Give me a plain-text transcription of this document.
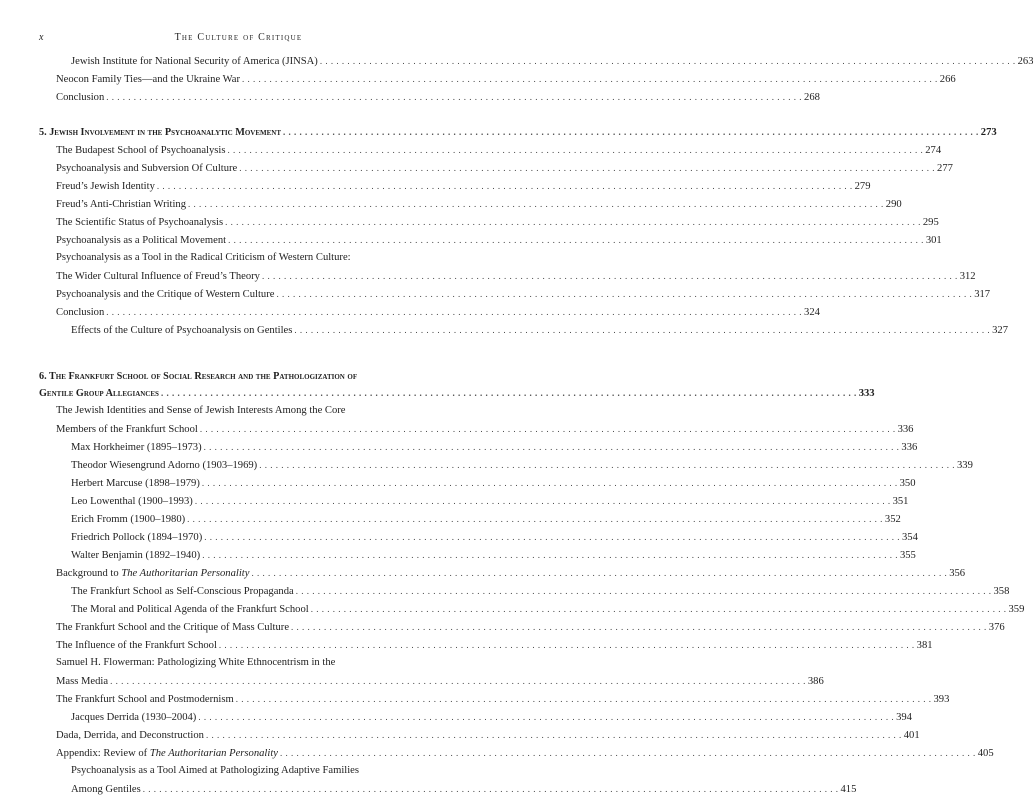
x	The Culture of Critique
Jewish Institute for National Security of America (JINSA) . . .	263
Neocon Family Ties—and the Ukraine War . . .	266
Conclusion . . .	268
5. Jewish Involvement in the Psychoanalytic Movement . . .	273
The Budapest School of Psychoanalysis . . .	274
Psychoanalysis and Subversion Of Culture . . .	277
Freud’s Jewish Identity . . .	279
Freud’s Anti-Christian Writing . . .	290
The Scientific Status of Psychoanalysis . . .	295
Psychoanalysis as a Political Movement . . .	301
Psychoanalysis as a Tool in the Radical Criticism of Western Culture:
The Wider Cultural Influence of Freud’s Theory . . .	312
Psychoanalysis and the Critique of Western Culture . . .	317
Conclusion . . .	324
Effects of the Culture of Psychoanalysis on Gentiles . . .	327
6. The Frankfurt School of Social Research and the Pathologization of
Gentile Group Allegiances . . .	333
The Jewish Identities and Sense of Jewish Interests Among the Core
Members of the Frankfurt School . . .	336
Max Horkheimer (1895–1973) . . .	336
Theodor Wiesengrund Adorno (1903–1969) . . .	339
Herbert Marcuse (1898–1979) . . .	350
Leo Lowenthal (1900–1993) . . .	351
Erich Fromm (1900–1980) . . .	352
Friedrich Pollock (1894–1970) . . .	354
Walter Benjamin (1892–1940) . . .	355
Background to The Authoritarian Personality . . .	356
The Frankfurt School as Self-Conscious Propaganda . . .	358
The Moral and Political Agenda of the Frankfurt School . . .	359
The Frankfurt School and the Critique of Mass Culture . . .	376
The Influence of the Frankfurt School . . .	381
Samuel H. Flowerman: Pathologizing White Ethnocentrism in the
Mass Media . . .	386
The Frankfurt School and Postmodernism . . .	393
Jacques Derrida (1930–2004) . . .	394
Dada, Derrida, and Deconstruction . . .	401
Appendix: Review of The Authoritarian Personality . . .	405
Psychoanalysis as a Tool Aimed at Pathologizing Adaptive Families
Among Gentiles . . .	415
